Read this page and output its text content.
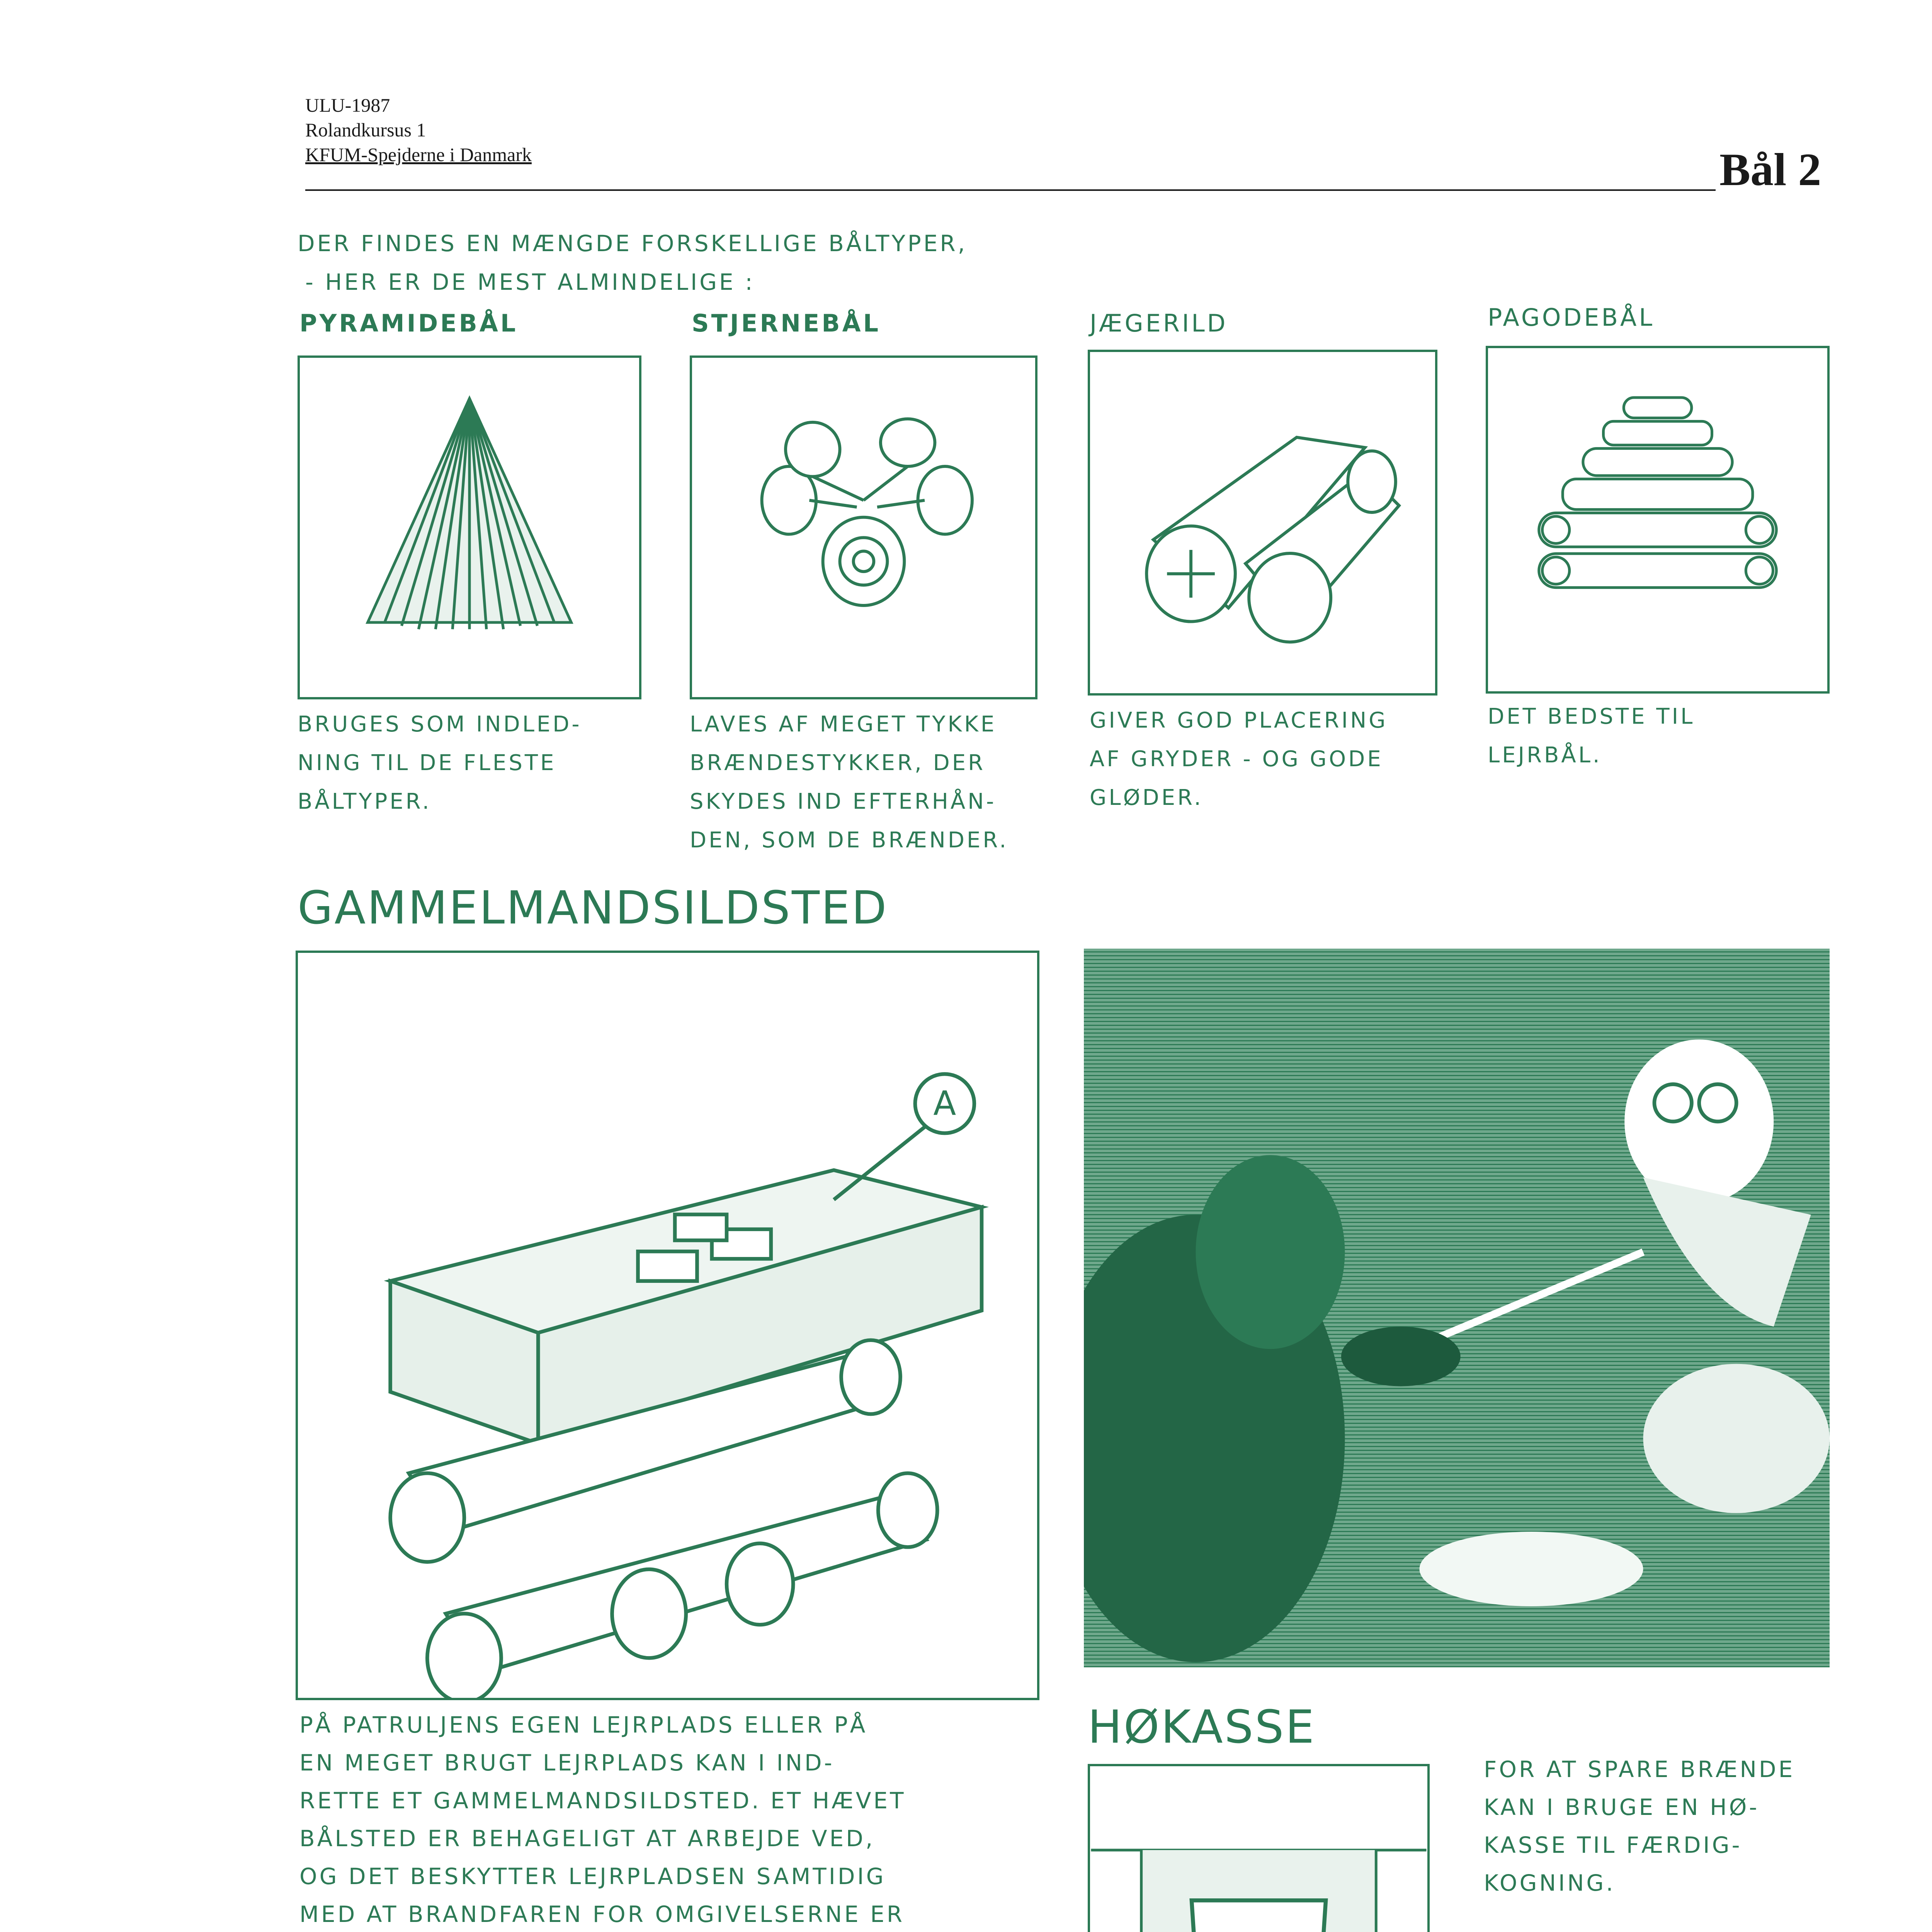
ULU-1987
Rolandkursus 1
KFUM-Spejderne i Danmark	Bål 2
DER FINDES EN MÆNGDE FORSKELLIGE BÅLTYPER,
- HER ER DE MEST ALMINDELIGE :
PYRAMIDEBÅL	STJERNEBÅL	JÆGERILD	PAGODEBÅL
BRUGES SOM INDLED-
NING TIL DE FLESTE
BÅLTYPER.
LAVES AF MEGET TYKKE
BRÆNDESTYKKER, DER
SKYDES IND EFTERHÅN-
DEN, SOM DE BRÆNDER.
GIVER GOD PLACERING
AF GRYDER - OG GODE
GLØDER.
DET BEDSTE TIL
LEJRBÅL.
GAMMELMANDSILDSTED
A
PÅ PATRULJENS EGEN LEJRPLADS ELLER PÅ
EN MEGET BRUGT LEJRPLADS KAN I IND-
RETTE ET GAMMELMANDSILDSTED. ET HÆVET
BÅLSTED ER BEHAGELIGT AT ARBEJDE VED,
OG DET BESKYTTER LEJRPLADSEN SAMTIDIG
MED AT BRANDFAREN FOR OMGIVELSERNE ER
HØKASSE
FOR AT SPARE BRÆNDE
KAN I BRUGE EN HØ-
KASSE TIL FÆRDIG-
KOGNING.
